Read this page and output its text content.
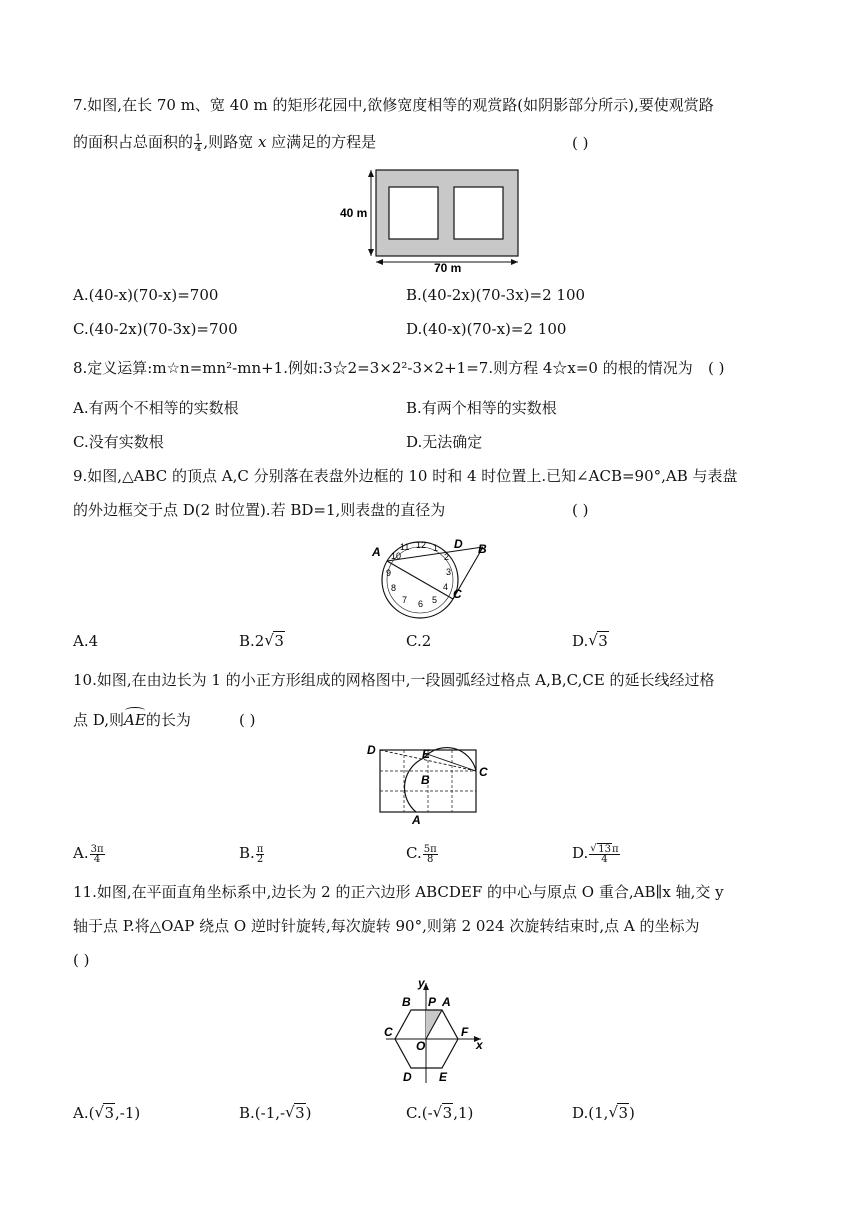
7.如图,在长 70 m、宽 40 m 的矩形花园中,欲修宽度相等的观赏路(如阴影部分所示),要使观赏路
的面积占总面积的 $\frac{1}{4}$ ,则路宽 x 应满足的方程是	( )
40 m
70 m
A.(40-x)(70-x)=700	B.(40-2x)(70-3x)=2 100
C.(40-2x)(70-3x)=700	D.(40-x)(70-x)=2 100
8.定义运算:m☆n=mn²-mn+1.例如:3☆2=3×2²-3×2+1=7.则方程 4☆x=0 的根的情况为 ( )
A.有两个不相等的实数根	B.有两个相等的实数根
C.没有实数根	D.无法确定
9.如图,△ABC 的顶点 A,C 分别落在表盘外边框的 10 时和 4 时位置上.已知∠ACB=90°,AB 与表盘
的外边框交于点 D(2 时位置).若 BD=1,则表盘的直径为	( )
12 1
2
3
4
5
6
7
8
9
10
11
A
D B
C
A.4	B.2 √ 3	C.2	D. √ 3
10.如图,在由边长为 1 的小正方形组成的网格图中,一段圆弧经过格点 A,B,C,CE 的延长线经过格
点 D,则AE的长为	( )
D	E
B
C
A
A. $\frac{3\pi}{4}$	B. $\frac{\pi}{2}$	C. $\frac{5\pi}{8}$	D. √ $\frac{13\pi}{4}$
11.如图,在平面直角坐标系中,边长为 2 的正六边形 ABCDEF 的中心与原点 O 重合,AB∥x 轴,交 y
轴于点 P.将△OAP 绕点 O 逆时针旋转,每次旋转 90°,则第 2 024 次旋转结束时,点 A 的坐标为
( )
y
x
B P A
C	F
O
D E
A.( √ 3,-1)	B.(-1,- √ 3)	C.(- √ 3,1)	D.(1, √ 3)
